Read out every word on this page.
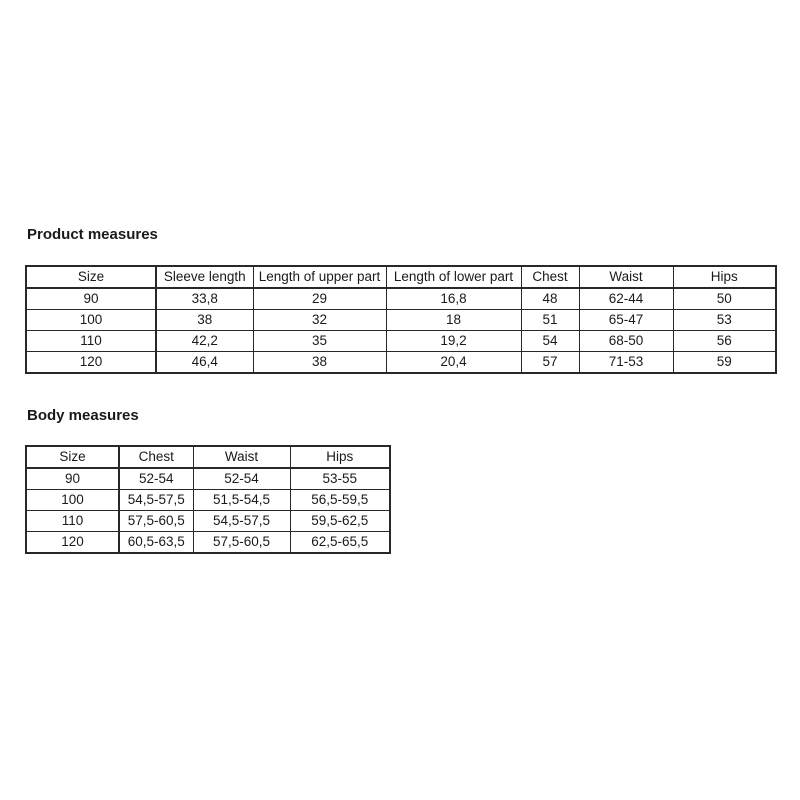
Product measures
Size	Sleeve length	Length of upper part	Length of lower part	Chest	Waist	Hips
90	33,8	29	16,8	48	62-44	50
100	38	32	18	51	65-47	53
110	42,2	35	19,2	54	68-50	56
120	46,4	38	20,4	57	71-53	59
Body measures
Size	Chest	Waist	Hips
90	52-54	52-54	53-55
100	54,5-57,5	51,5-54,5	56,5-59,5
110	57,5-60,5	54,5-57,5	59,5-62,5
120	60,5-63,5	57,5-60,5	62,5-65,5
